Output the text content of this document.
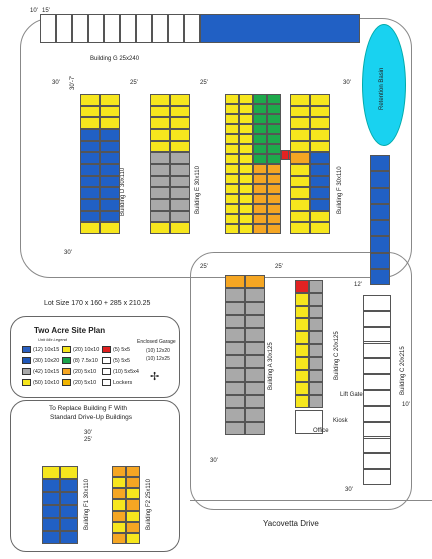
10' 15'
Building G 25x240
Retention Basin
30' 30'-7'	25'	25'	30'
Building D 30x110	Building E 30x110	Building F 30x110
30'
25'	25'
12'
Building A 30x125	Building C 20x125	Building C 20x215
Lift Gate
Kiosk
Office
10'
30'
30'
Lot Size 170 x 160 + 285 x 210.25
Two Acre Site Plan
Unit Mix Legend	Enclosed Garage
(10) 12x20
(10) 12x25
✢
To Replace Building F With
Standard Drive-Up Buildings
30'
25'
Building F1 30x110	Building F2 25x110	Yacovetta Drive
(12) 10x15	(20) 10x10	(5) 5x5
(30) 10x20	(8) 7.5x10	(5) 5x5
(42) 10x15	(20) 5x10	(10) 5x5x4
(50) 10x10	(20) 5x10	Lockers
